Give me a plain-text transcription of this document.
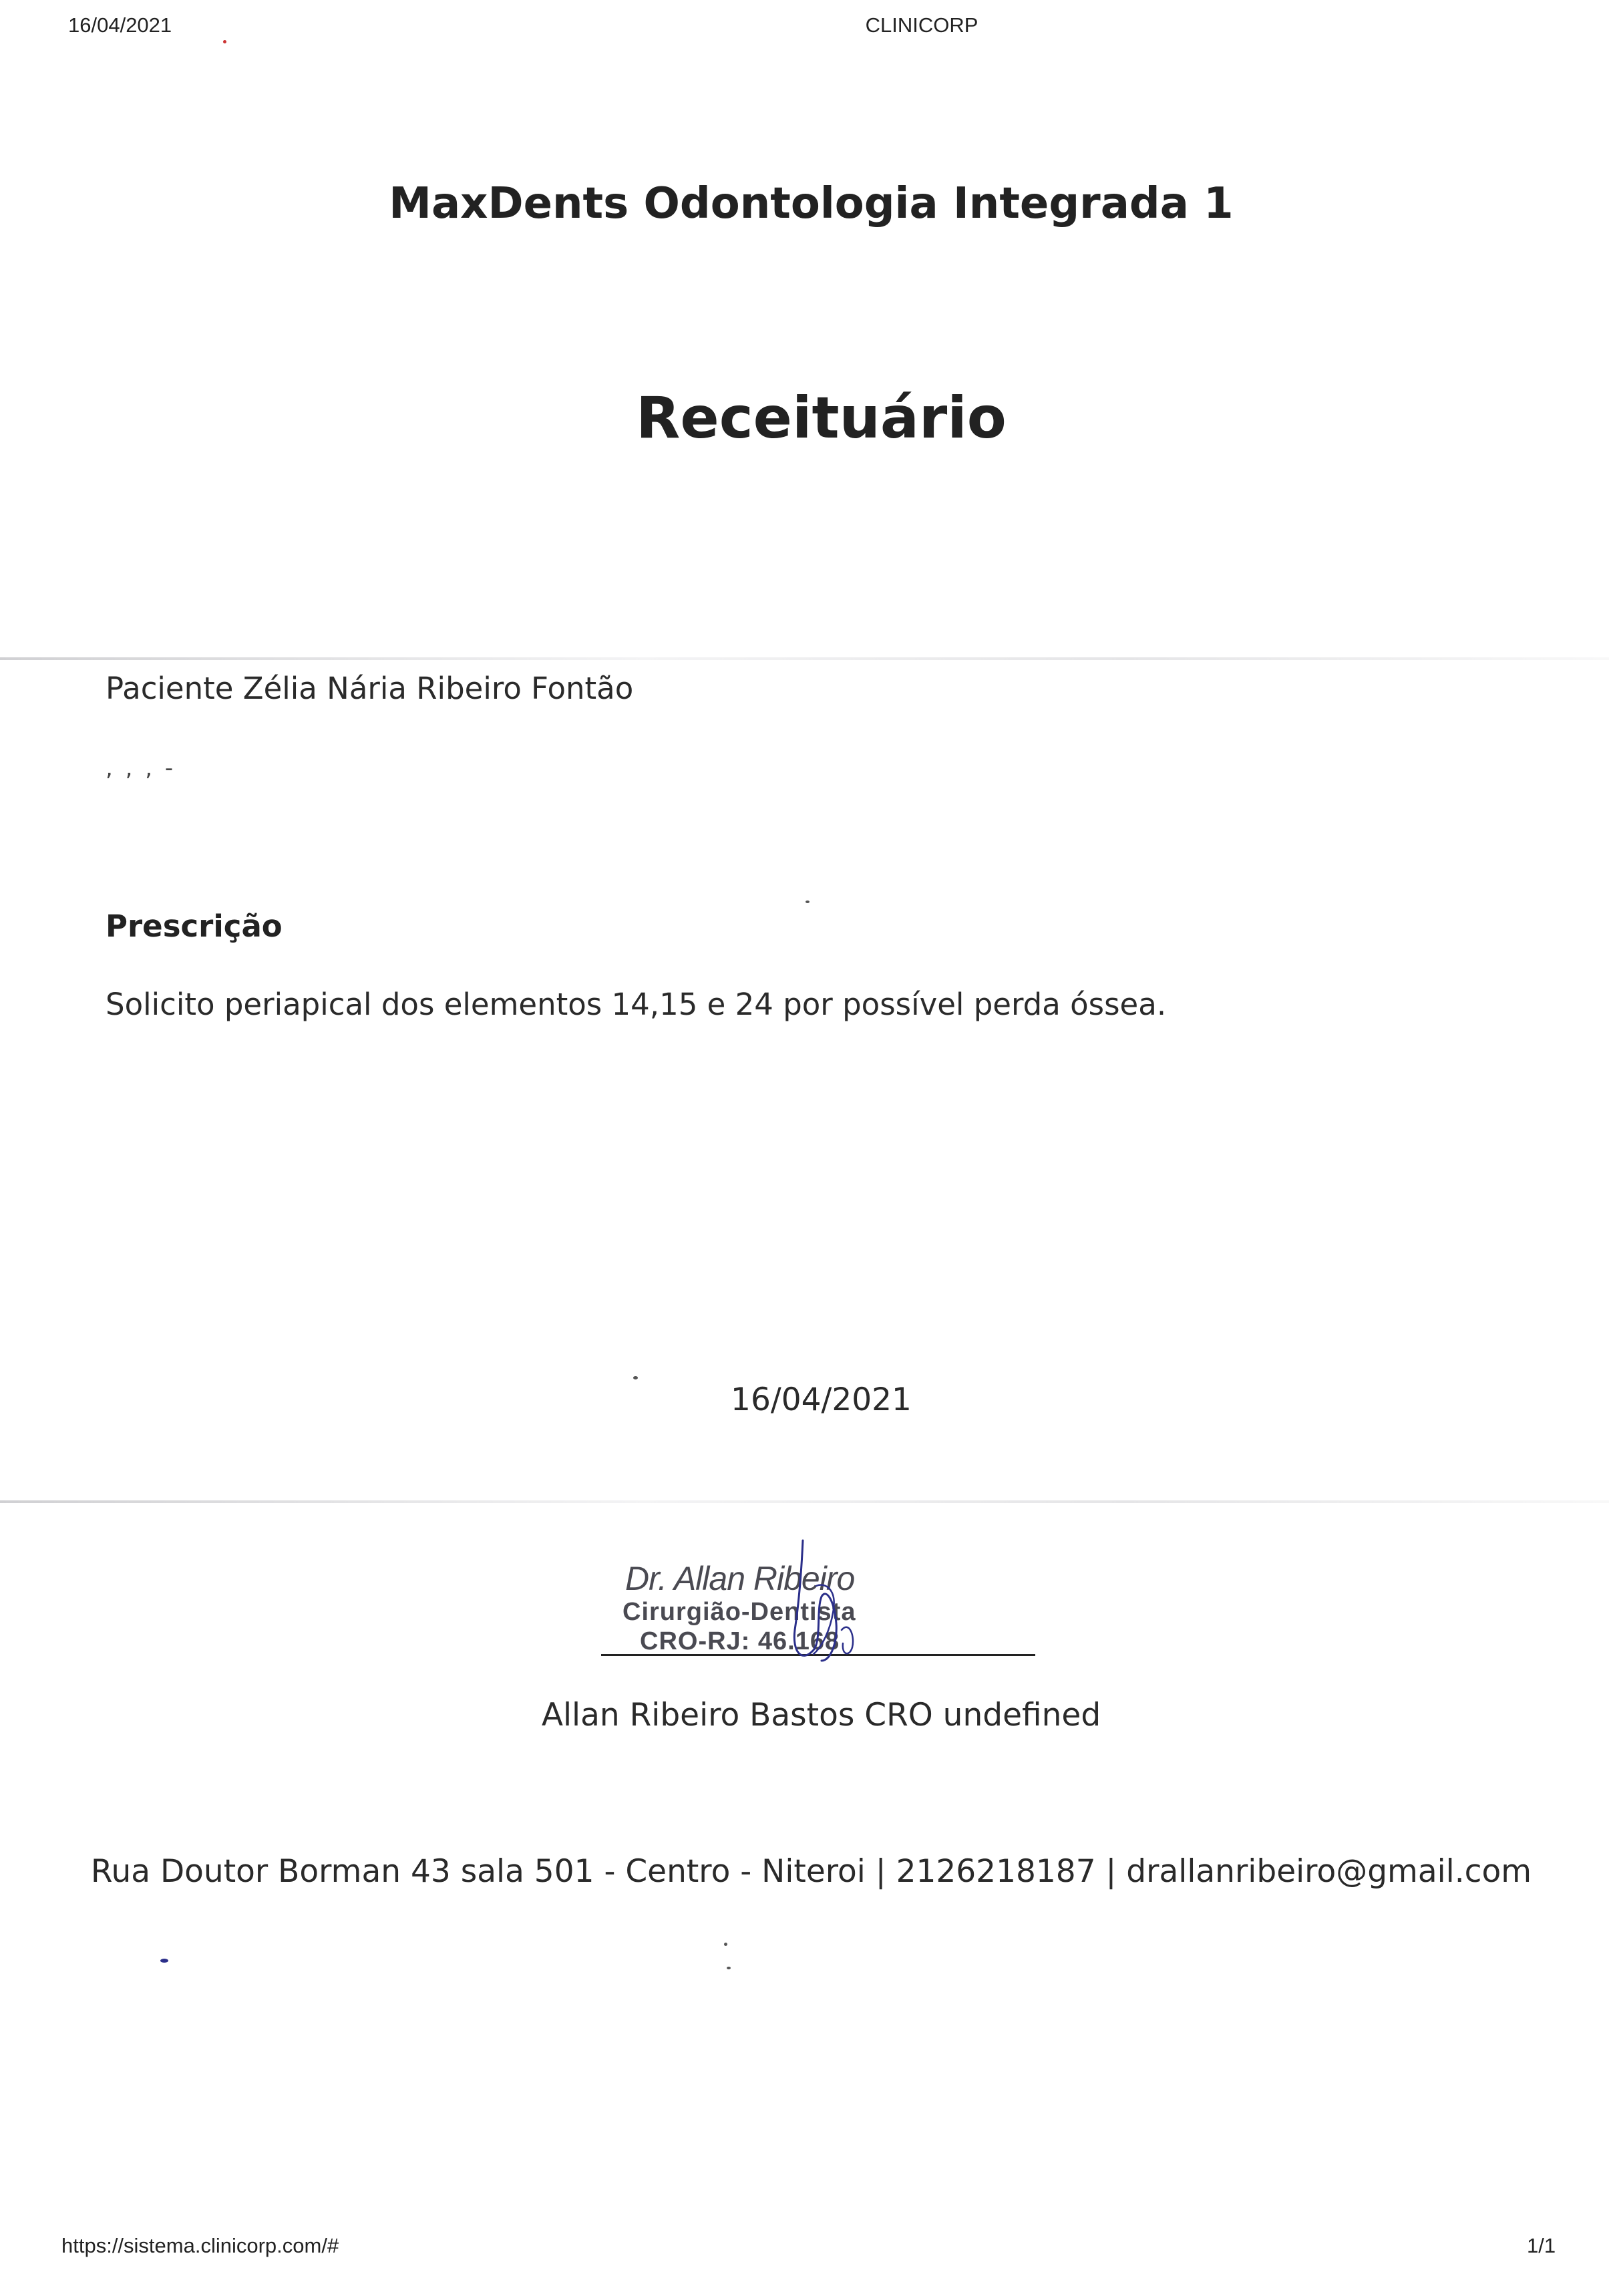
16/04/2021	CLINICORP
MaxDents Odontologia Integrada 1
Receituário
Paciente Zélia Nária Ribeiro Fontão
, , , -
Prescrição
Solicito periapical dos elementos 14,15 e 24 por possível perda óssea.
16/04/2021
Dr. Allan Ribeiro
Cirurgião-Dentista
CRO-RJ: 46.168
Allan Ribeiro Bastos CRO undefined
Rua Doutor Borman 43 sala 501 - Centro - Niteroi | 2126218187 | drallanribeiro@gmail.com
https://sistema.clinicorp.com/#	1/1
